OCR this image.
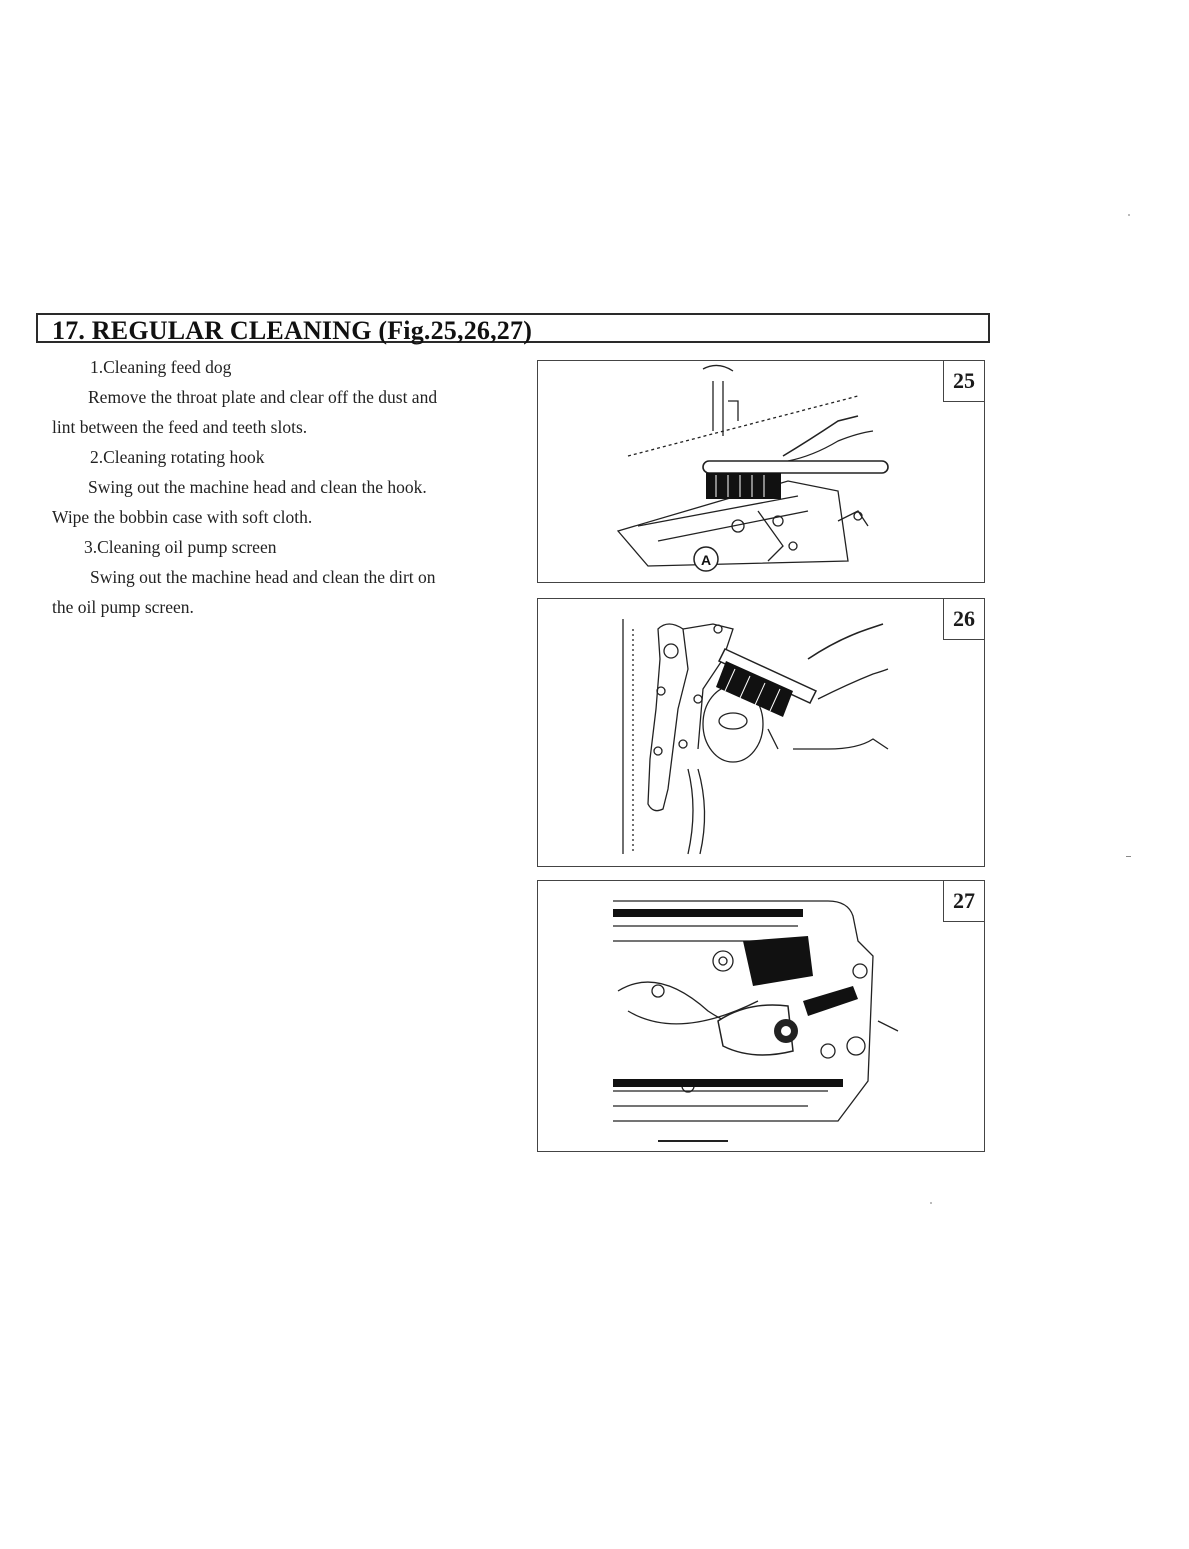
17. REGULAR CLEANING (Fig.25,26,27)

1.Cleaning feed dog

Remove the throat plate and clear off the dust and

lint between the feed and teeth slots.

2.Cleaning rotating hook

Swing out the machine head and clean the hook.

Wipe the bobbin case with soft cloth.

3.Cleaning oil pump screen

Swing out the machine head and clean the dirt on

the oil pump screen.

A
25
26
27
